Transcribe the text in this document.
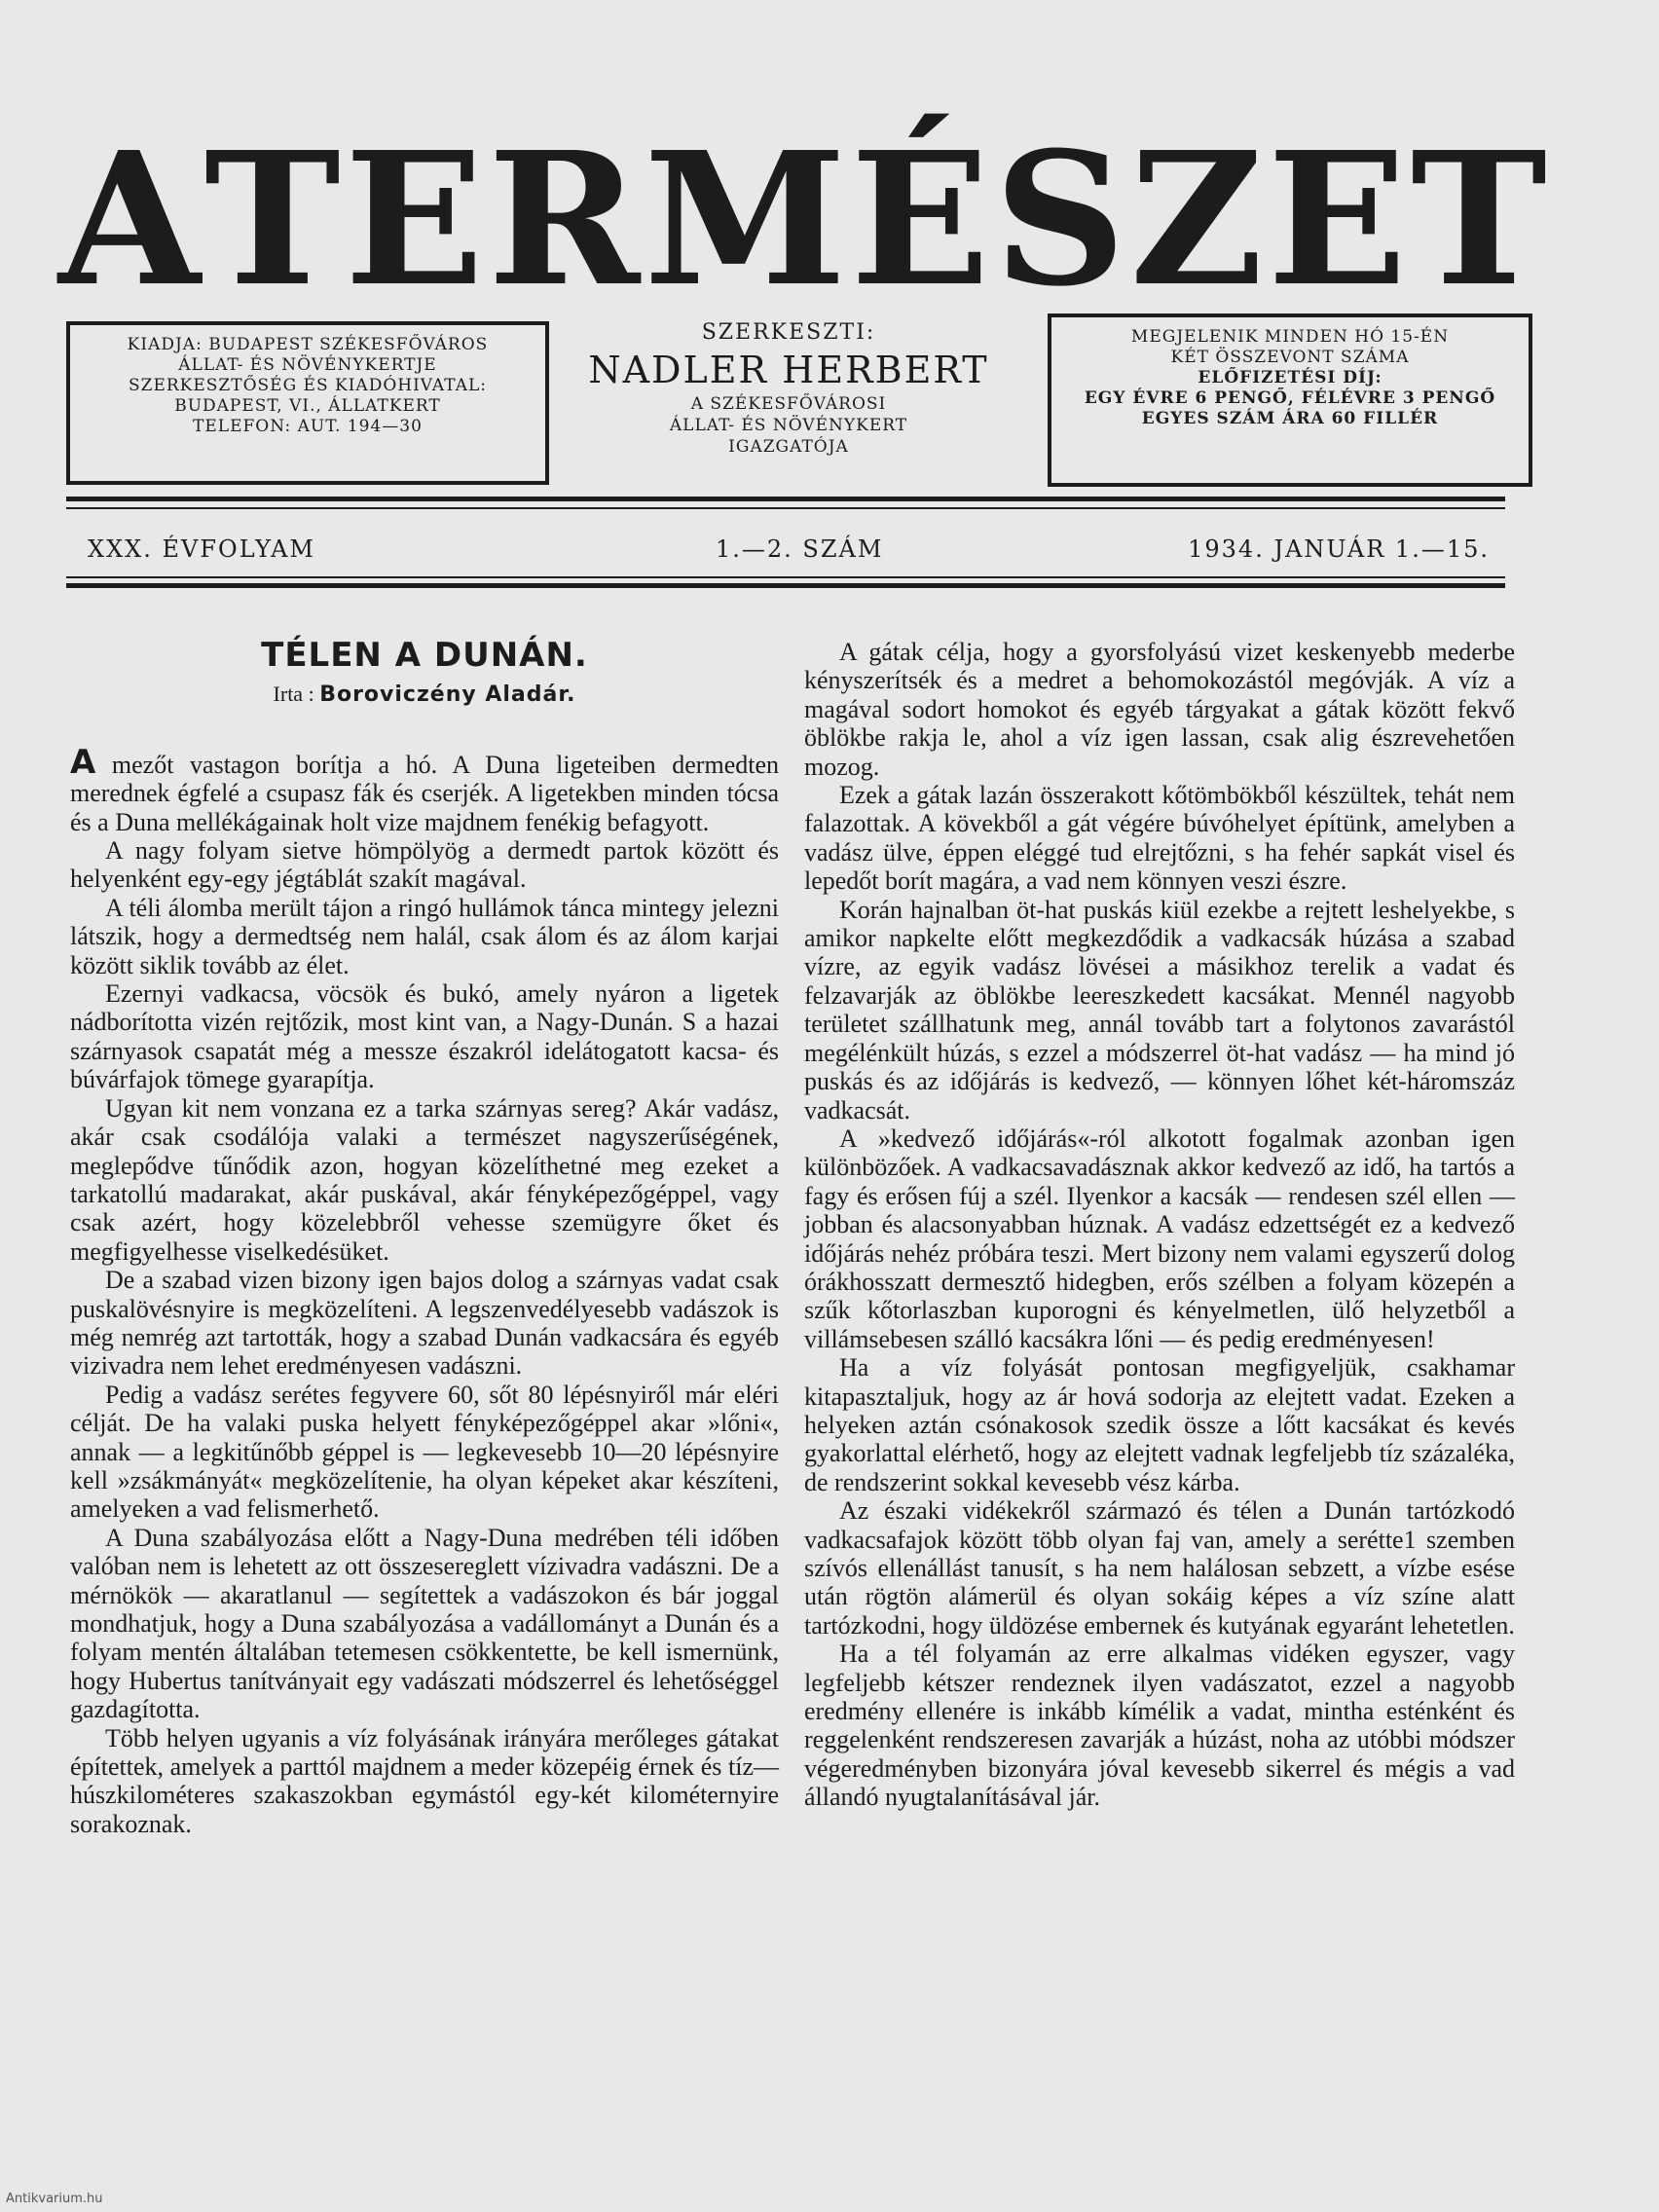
A T E R M É S Z E T
KIADJA: BUDAPEST SZÉKESFŐVÁROS
ÁLLAT- ÉS NÖVÉNYKERTJE
SZERKESZTŐSÉG ÉS KIADÓHIVATAL:
BUDAPEST, VI., ÁLLATKERT
TELEFON: AUT. 194—30
SZERKESZTI:
NADLER HERBERT
A SZÉKESFŐVÁROSI
ÁLLAT- ÉS NÖVÉNYKERT
IGAZGATÓJA
MEGJELENIK MINDEN HÓ 15-ÉN
KÉT ÖSSZEVONT SZÁMA
ELŐFIZETÉSI DÍJ:
EGY ÉVRE 6 PENGŐ, FÉLÉVRE 3 PENGŐ
EGYES SZÁM ÁRA 60 FILLÉR
XXX. ÉVFOLYAM	1.—2. SZÁM	1934. JANUÁR 1.—15.
TÉLEN A DUNÁN.
Irta : Boroviczény Aladár.

A mezőt vastagon borítja a hó. A Duna ligeteiben dermedten merednek égfelé a csupasz fák és cserjék. A ligetekben minden tócsa és a Duna mellékágainak holt vize majdnem fenékig befagyott.

A nagy folyam sietve hömpölyög a dermedt partok között és helyenként egy-egy jégtáblát szakít magával.

A téli álomba merült tájon a ringó hullámok tánca mintegy jelezni látszik, hogy a dermedtség nem halál, csak álom és az álom karjai között siklik tovább az élet.

Ezernyi vadkacsa, vöcsök és bukó, amely nyáron a ligetek nádborította vizén rejtőzik, most kint van, a Nagy-Dunán. S a hazai szárnyasok csapatát még a messze északról idelátogatott kacsa- és búvárfajok tömege gyarapítja.

Ugyan kit nem vonzana ez a tarka szárnyas sereg? Akár vadász, akár csak csodálója valaki a természet nagyszerűségének, meglepődve tűnődik azon, hogyan közelíthetné meg ezeket a tarkatollú madarakat, akár puskával, akár fényképezőgéppel, vagy csak azért, hogy közelebbről vehesse szemügyre őket és megfigyelhesse viselkedésüket.

De a szabad vizen bizony igen bajos dolog a szárnyas vadat csak puskalövésnyire is megközelíteni. A legszenvedélyesebb vadászok is még nemrég azt tartották, hogy a szabad Dunán vadkacsára és egyéb vizivadra nem lehet eredményesen vadászni.

Pedig a vadász serétes fegyvere 60, sőt 80 lépésnyiről már eléri célját. De ha valaki puska helyett fényképezőgéppel akar »lőni«, annak — a legkitűnőbb géppel is — legkevesebb 10—20 lépésnyire kell »zsákmányát« megközelítenie, ha olyan képeket akar készíteni, amelyeken a vad felismerhető.

A Duna szabályozása előtt a Nagy-Duna medrében téli időben valóban nem is lehetett az ott összesereglett vízivadra vadászni. De a mérnökök — akaratlanul — segítettek a vadászokon és bár joggal mondhatjuk, hogy a Duna szabályozása a vadállományt a Dunán és a folyam mentén általában tetemesen csökkentette, be kell ismernünk, hogy Hubertus tanítványait egy vadászati módszerrel és lehetőséggel gazdagította.

Több helyen ugyanis a víz folyásának irányára merőleges gátakat építettek, amelyek a parttól majdnem a meder közepéig érnek és tíz—húszkilométeres szakaszokban egymástól egy-két kilométernyire sorakoznak.

A gátak célja, hogy a gyorsfolyású vizet keskenyebb mederbe kényszerítsék és a medret a behomokozástól megóvják. A víz a magával sodort homokot és egyéb tárgyakat a gátak között fekvő öblökbe rakja le, ahol a víz igen lassan, csak alig észrevehetően mozog.

Ezek a gátak lazán összerakott kőtömbökből készültek, tehát nem falazottak. A kövekből a gát végére búvóhelyet építünk, amelyben a vadász ülve, éppen eléggé tud elrejtőzni, s ha fehér sapkát visel és lepedőt borít magára, a vad nem könnyen veszi észre.

Korán hajnalban öt-hat puskás kiül ezekbe a rejtett leshelyekbe, s amikor napkelte előtt megkezdődik a vadkacsák húzása a szabad vízre, az egyik vadász lövései a másikhoz terelik a vadat és felzavarják az öblökbe leereszkedett kacsákat. Mennél nagyobb területet szállhatunk meg, annál tovább tart a folytonos zavarástól megélénkült húzás, s ezzel a módszerrel öt-hat vadász — ha mind jó puskás és az időjárás is kedvező, — könnyen lőhet két-háromszáz vadkacsát.

A »kedvező időjárás«-ról alkotott fogalmak azonban igen különbözőek. A vadkacsavadásznak akkor kedvező az idő, ha tartós a fagy és erősen fúj a szél. Ilyenkor a kacsák — rendesen szél ellen — jobban és alacsonyabban húznak. A vadász edzettségét ez a kedvező időjárás nehéz próbára teszi. Mert bizony nem valami egyszerű dolog órákhosszatt dermesztő hidegben, erős szélben a folyam közepén a szűk kőtorlaszban kuporogni és kényelmetlen, ülő helyzetből a villámsebesen szálló kacsákra lőni — és pedig eredményesen!

Ha a víz folyását pontosan megfigyeljük, csakhamar kitapasztaljuk, hogy az ár hová sodorja az elejtett vadat. Ezeken a helyeken aztán csónakosok szedik össze a lőtt kacsákat és kevés gyakorlattal elérhető, hogy az elejtett vadnak legfeljebb tíz százaléka, de rendszerint sokkal kevesebb vész kárba.

Az északi vidékekről származó és télen a Dunán tartózkodó vadkacsafajok között több olyan faj van, amely a serétte1 szemben szívós ellenállást tanusít, s ha nem halálosan sebzett, a vízbe esése után rögtön alámerül és olyan sokáig képes a víz színe alatt tartózkodni, hogy üldözése embernek és kutyának egyaránt lehetetlen.

Ha a tél folyamán az erre alkalmas vidéken egyszer, vagy legfeljebb kétszer rendeznek ilyen vadászatot, ezzel a nagyobb eredmény ellenére is inkább kímélik a vadat, mintha esténként és reggelenként rendszeresen zavarják a húzást, noha az utóbbi módszer végeredményben bizonyára jóval kevesebb sikerrel és mégis a vad állandó nyugtalanításával jár.

Antikvarium.hu
